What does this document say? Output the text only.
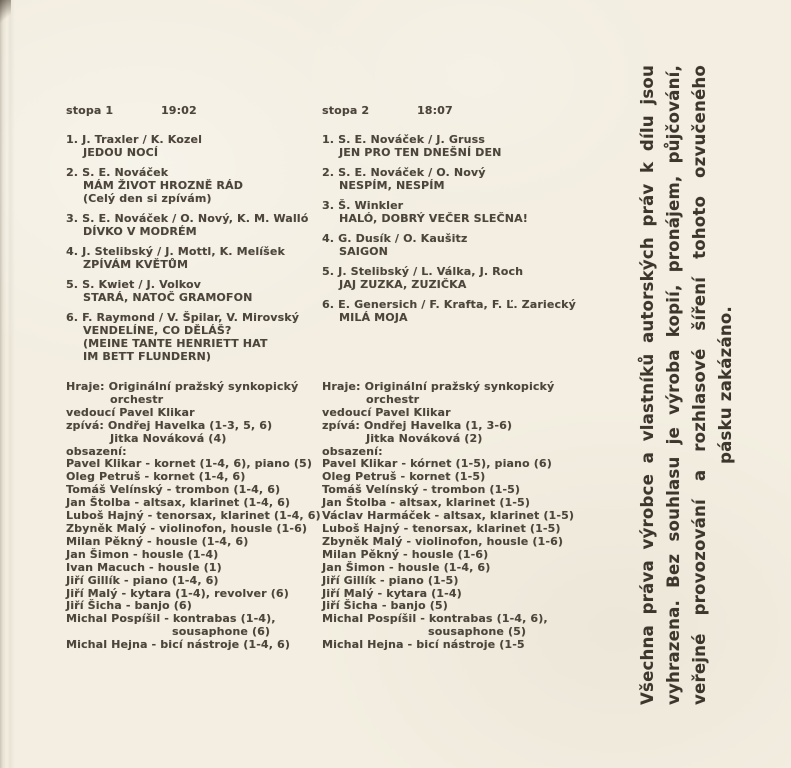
stopa 1	19:02
1. J. Traxler / K. Kozel
JEDOU NOCÍ
2. S. E. Nováček
MÁM ŽIVOT HROZNĚ RÁD
(Celý den si zpívám)
3. S. E. Nováček / O. Nový, K. M. Walló
DÍVKO V MODRÉM
4. J. Stelibský / J. Mottl, K. Melíšek
ZPÍVÁM KVĚTŮM
5. S. Kwiet / J. Volkov
STARÁ, NATOČ GRAMOFON
6. F. Raymond / V. Špilar, V. Mirovský
VENDELÍNE, CO DĚLÁŠ?
(MEINE TANTE HENRIETT HAT
IM BETT FLUNDERN)
Hraje: Originální pražský synkopický
orchestr
vedoucí Pavel Klikar
zpívá: Ondřej Havelka (1-3, 5, 6)
Jitka Nováková (4)
obsazení:
Pavel Klikar - kornet (1-4, 6), piano (5)
Oleg Petruš - kornet (1-4, 6)
Tomáš Velínský - trombon (1-4, 6)
Jan Štolba - altsax, klarinet (1-4, 6)
Luboš Hajný - tenorsax, klarinet (1-4, 6)
Zbyněk Malý - violinofon, housle (1-6)
Milan Pěkný - housle (1-4, 6)
Jan Šimon - housle (1-4)
Ivan Macuch - housle (1)
Jiří Gillík - piano (1-4, 6)
Jiří Malý - kytara (1-4), revolver (6)
Jiří Šicha - banjo (6)
Michal Pospíšil - kontrabas (1-4),
sousaphone (6)
Michal Hejna - bicí nástroje (1-4, 6)
stopa 2	18:07
1. S. E. Nováček / J. Gruss
JEN PRO TEN DNEŠNÍ DEN
2. S. E. Nováček / O. Nový
NESPÍM, NESPÍM
3. Š. Winkler
HALÓ, DOBRÝ VEČER SLEČNA!
4. G. Dusík / O. Kaušitz
SAIGON
5. J. Stelibský / L. Válka, J. Roch
JAJ ZUZKA, ZUZIČKA
6. E. Genersich / F. Krafta, F. Ľ. Zariecký
MILÁ MOJA
Hraje: Originální pražský synkopický
orchestr
vedoucí Pavel Klikar
zpívá: Ondřej Havelka (1, 3-6)
Jitka Nováková (2)
obsazení:
Pavel Klikar - kórnet (1-5), piano (6)
Oleg Petruš - kornet (1-5)
Tomáš Velínský - trombon (1-5)
Jan Štolba - altsax, klarinet (1-5)
Václav Harmáček - altsax, klarinet (1-5)
Luboš Hajný - tenorsax, klarinet (1-5)
Zbyněk Malý - violinofon, housle (1-6)
Milan Pěkný - housle (1-6)
Jan Šimon - housle (1-4, 6)
Jiří Gillík - piano (1-5)
Jiří Malý - kytara (1-4)
Jiří Šicha - banjo (5)
Michal Pospíšil - kontrabas (1-4, 6),
sousaphone (5)
Michal Hejna - bicí nástroje (1-5	Všechna práva výrobce a vlastníků autorských práv k dílu jsou vyhrazena. Bez souhlasu je výroba kopií, pronájem, půjčování, veřejné provozování a rozhlasové šíření tohoto ozvučeného pásku zakázáno.
